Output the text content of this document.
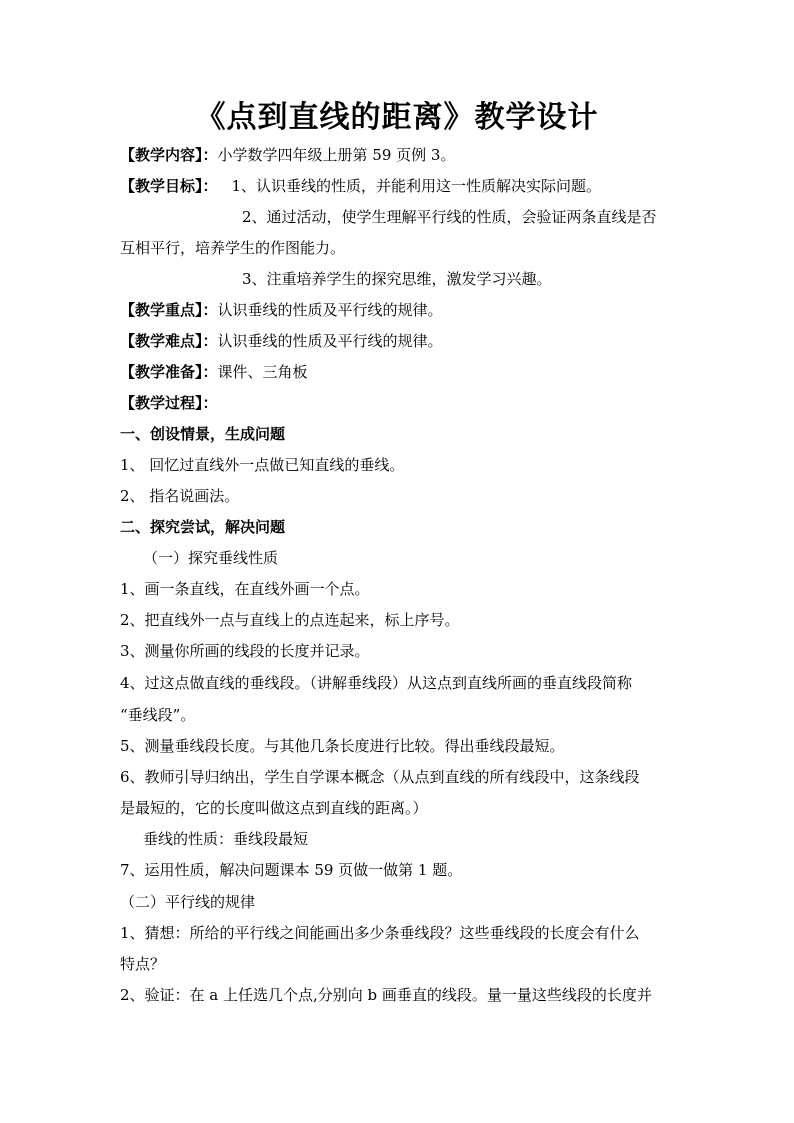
《点到直线的距离》教学设计
【教学内容】：小学数学四年级上册第 59 页例 3。
【教学目标】： 1、认识垂线的性质，并能利用这一性质解决实际问题。
2、通过活动，使学生理解平行线的性质，会验证两条直线是否
互相平行，培养学生的作图能力。
3、注重培养学生的探究思维，激发学习兴趣。
【教学重点】：认识垂线的性质及平行线的规律。
【教学难点】：认识垂线的性质及平行线的规律。
【教学准备】：课件、三角板
【教学过程】：
一、创设情景，生成问题
1、 回忆过直线外一点做已知直线的垂线。
2、 指名说画法。
二、探究尝试，解决问题
（一）探究垂线性质
1、画一条直线，在直线外画一个点。
2、把直线外一点与直线上的点连起来，标上序号。
3、测量你所画的线段的长度并记录。
4、过这点做直线的垂线段。（讲解垂线段）从这点到直线所画的垂直线段简称
“垂线段”。
5、测量垂线段长度。与其他几条长度进行比较。得出垂线段最短。
6、教师引导归纳出，学生自学课本概念（从点到直线的所有线段中，这条线段
是最短的，它的长度叫做这点到直线的距离。）
垂线的性质：垂线段最短
7、运用性质，解决问题课本 59 页做一做第 1 题。
（二）平行线的规律
1、猜想：所给的平行线之间能画出多少条垂线段？这些垂线段的长度会有什么
特点？
2、验证：在 a 上任选几个点,分别向 b 画垂直的线段。量一量这些线段的长度并
